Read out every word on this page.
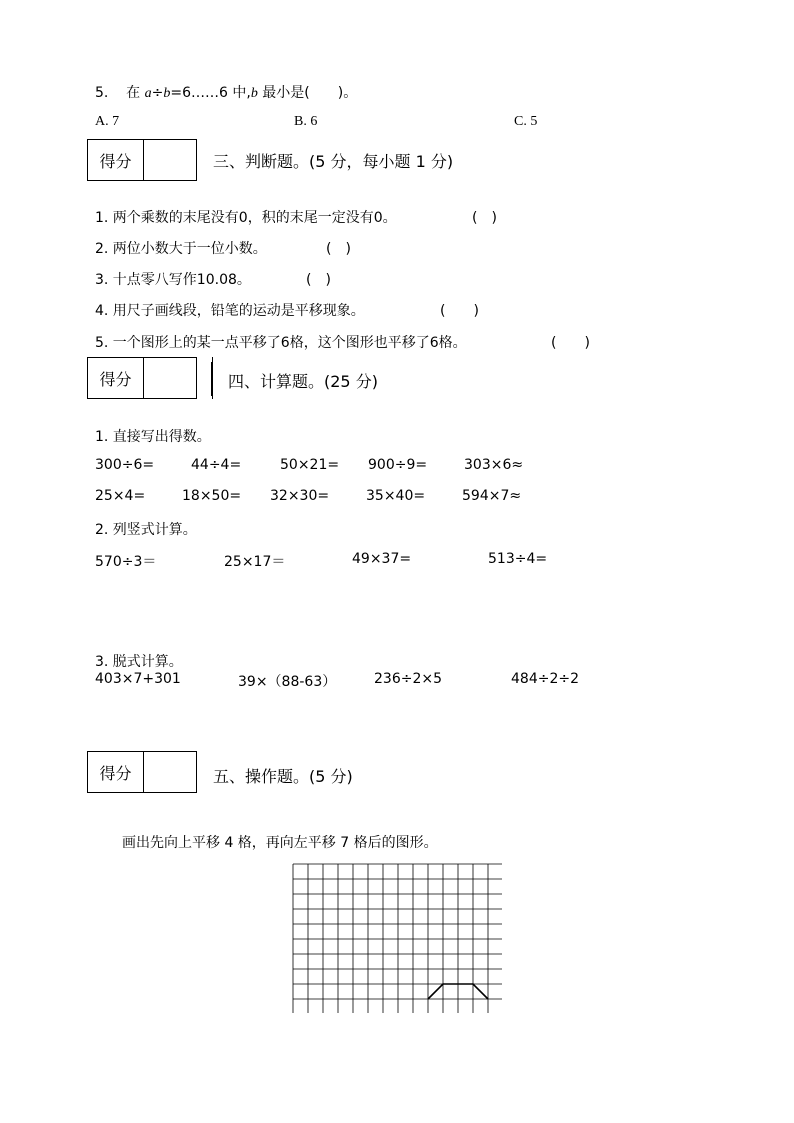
5. 在 a÷b=6……6 中,b 最小是(　　)。
A. 7	B. 6	C. 5
得分	三、判断题。(5 分，每小题 1 分)
1. 两个乘数的末尾没有0，积的末尾一定没有0。	(　)
2. 两位小数大于一位小数。	(　)
3. 十点零八写作10.08。	(　)
4. 用尺子画线段，铅笔的运动是平移现象。	(　　)
5. 一个图形上的某一点平移了6格，这个图形也平移了6格。	(　　)
得分	四、计算题。(25 分)
1. 直接写出得数。
300÷6=	44÷4=	50×21= 900÷9=	303×6≈
25×4=	18×50= 32×30=	35×40=	594×7≈
2. 列竖式计算。
570÷3＝	25×17＝	49×37=	513÷4=
3. 脱式计算。
403×7+301	39×（88-63）	236÷2×5	484÷2÷2
得分	五、操作题。(5 分)
画出先向上平移 4 格，再向左平移 7 格后的图形。
